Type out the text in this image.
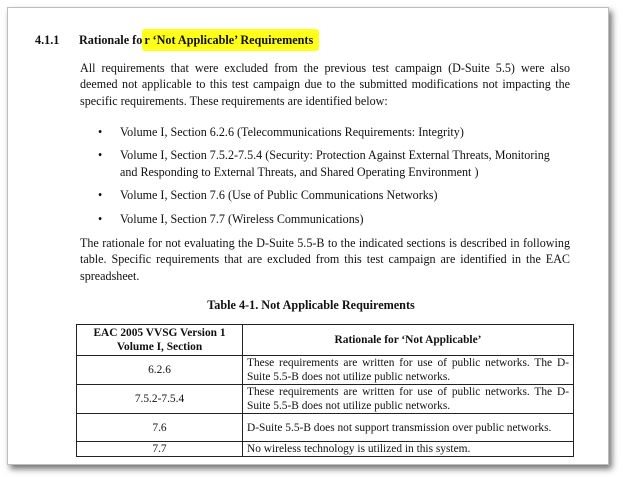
4.1.1 Rationale fo r ‘Not Applicable’ Requirements
All requirements that were excluded from the previous test campaign (D-Suite 5.5) were also deemed not applicable to this test campaign due to the submitted modifications not impacting the specific requirements. These requirements are identified below:
• Volume I, Section 6.2.6 (Telecommunications Requirements: Integrity)
• Volume I, Section 7.5.2-7.5.4 (Security: Protection Against External Threats, Monitoring and Responding to External Threats, and Shared Operating Environment )
• Volume I, Section 7.6 (Use of Public Communications Networks)
• Volume I, Section 7.7 (Wireless Communications)
The rationale for not evaluating the D-Suite 5.5-B to the indicated sections is described in following table. Specific requirements that are excluded from this test campaign are identified in the EAC spreadsheet.
Table 4-1. Not Applicable Requirements
EAC 2005 VVSG Version 1 Volume I, Section	Rationale for ‘Not Applicable’
6.2.6	These requirements are written for use of public networks. The D-Suite 5.5-B does not utilize public networks.
7.5.2-7.5.4	These requirements are written for use of public networks. The D-Suite 5.5-B does not utilize public networks.
7.6	D-Suite 5.5-B does not support transmission over public networks.
7.7	No wireless technology is utilized in this system.
